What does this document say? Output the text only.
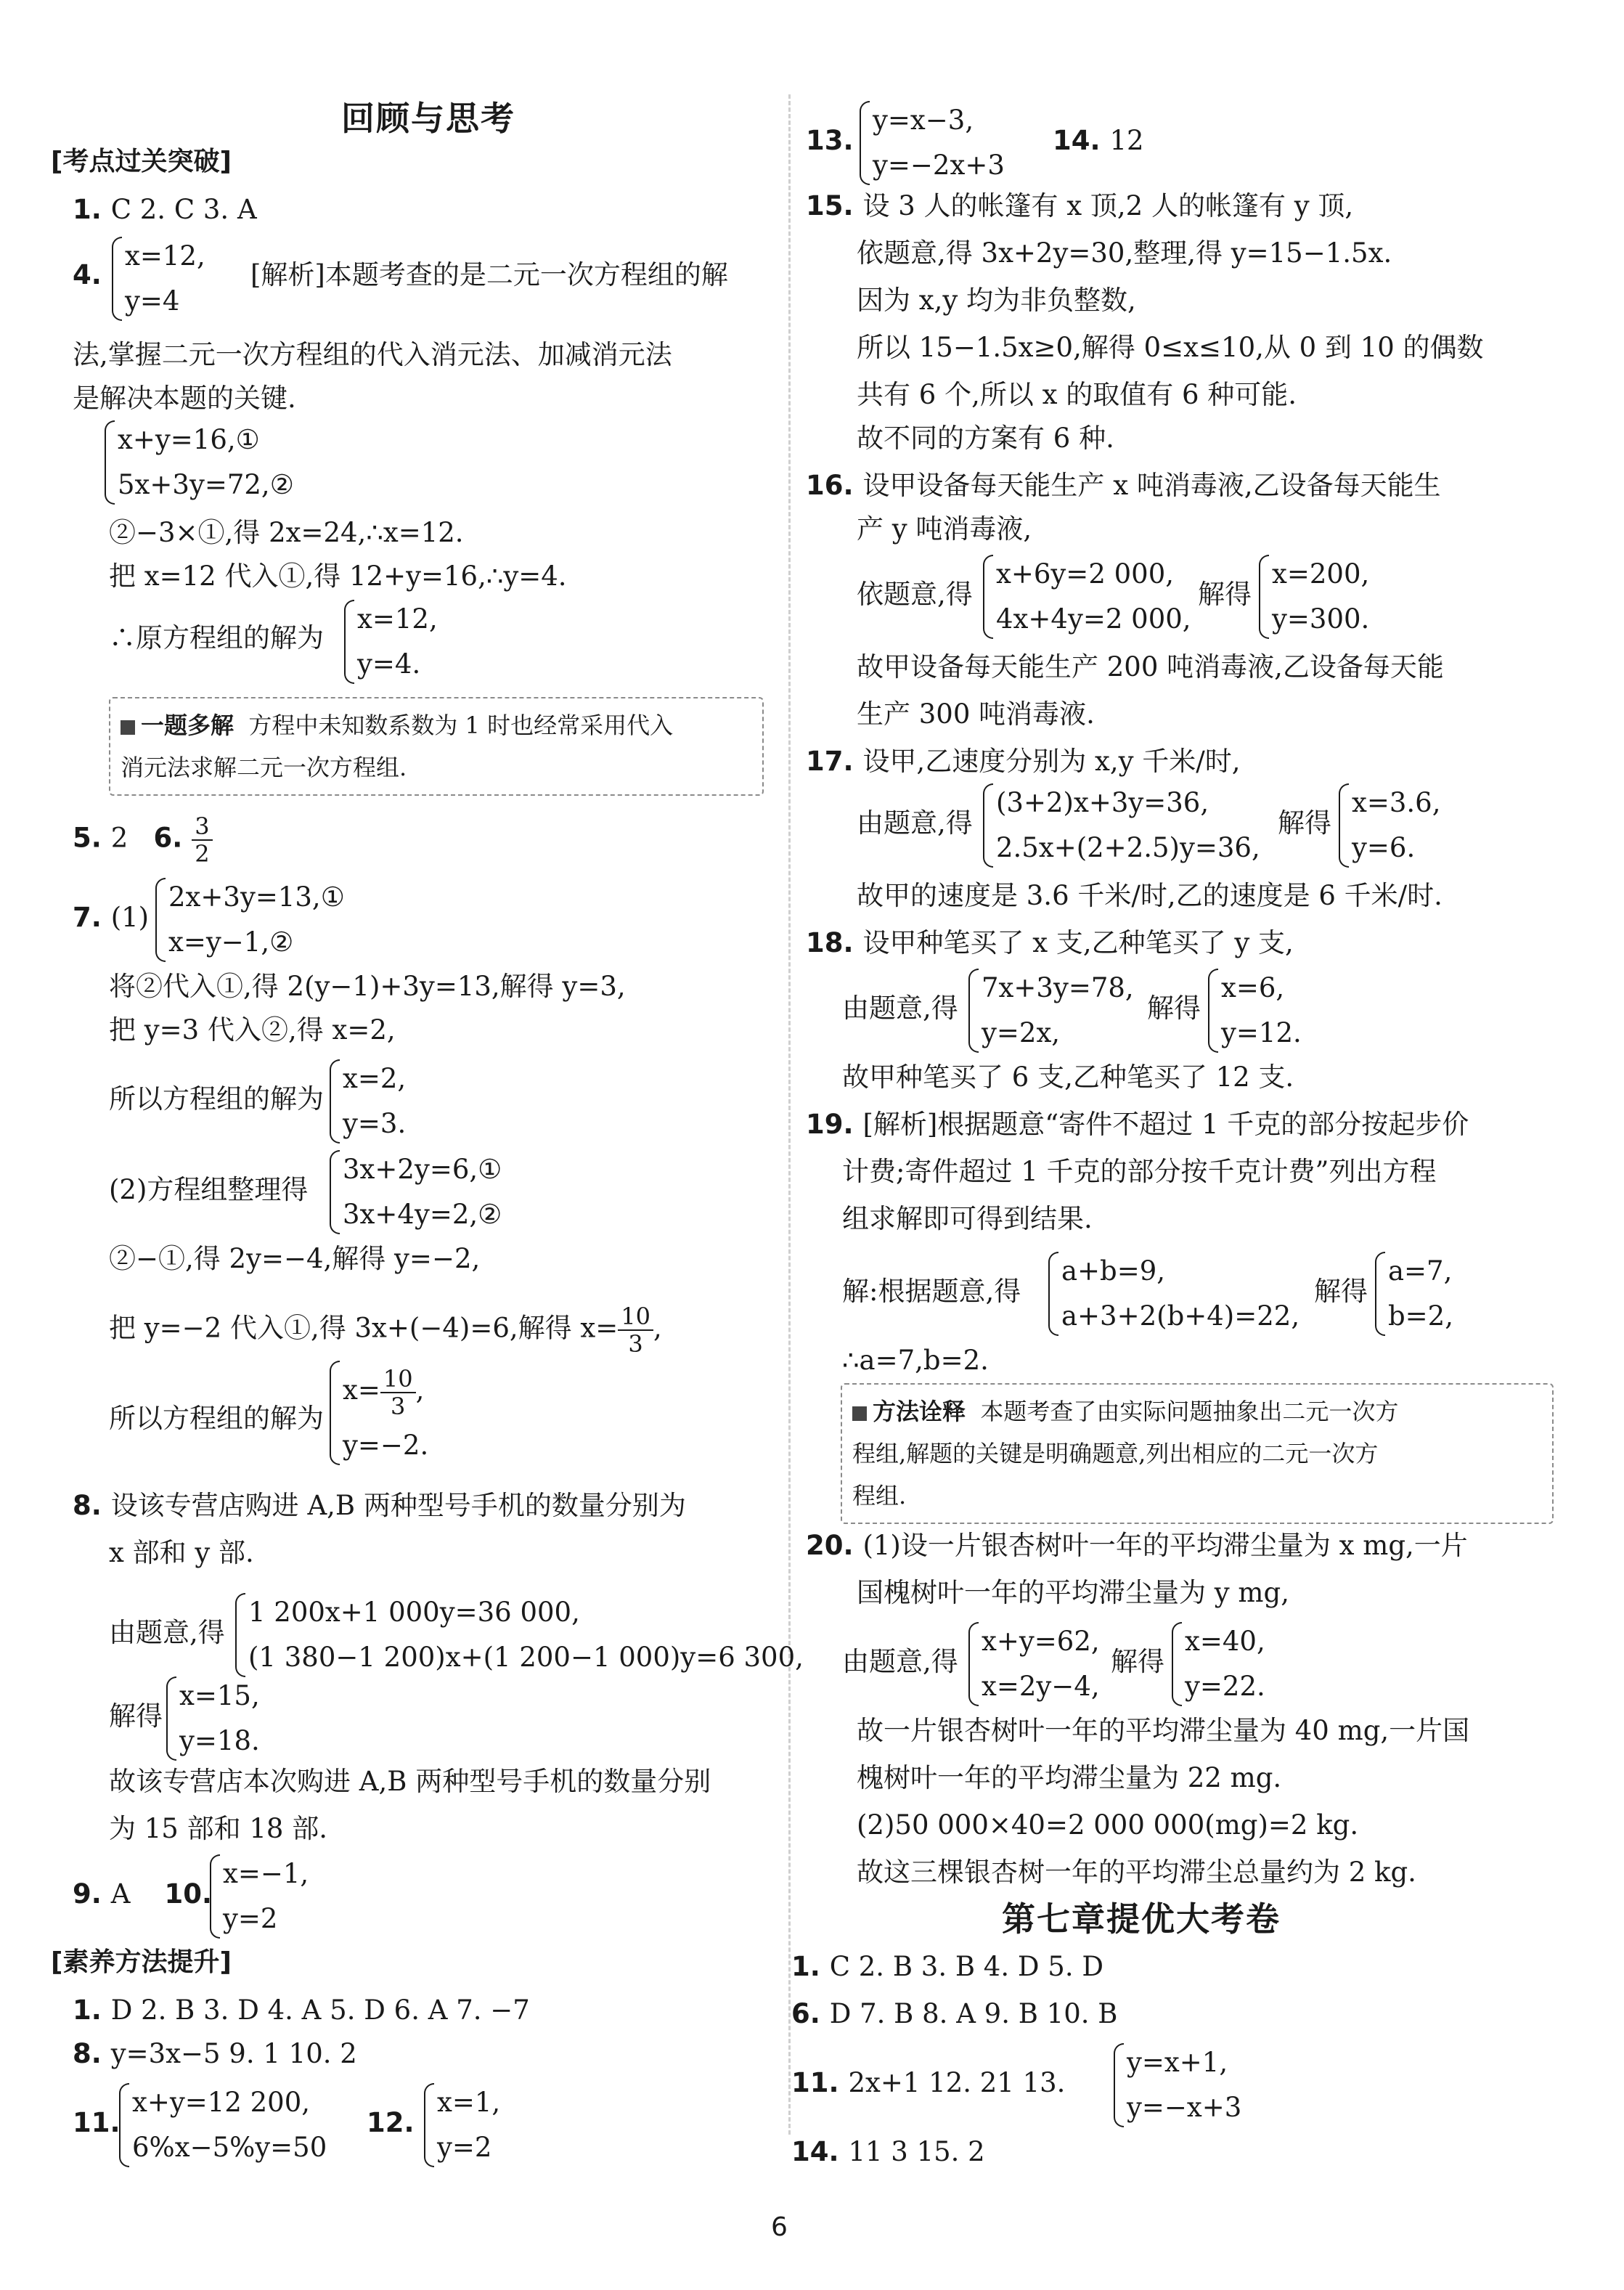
回顾与思考
[考点过关突破]
1. C 2. C 3. A
4.
x=12,
y=4
[解析]本题考查的是二元一次方程组的解
法,掌握二元一次方程组的代入消元法、加减消元法
是解决本题的关键.
x+y=16,①
5x+3y=72,②
②−3×①,得 2x=24,∴x=12.
把 x=12 代入①,得 12+y=16,∴y=4.
∴原方程组的解为
x=12,
y=4.
一题多解 方程中未知数系数为 1 时也经常采用代入
消元法求解二元一次方程组.
5. 2 6. $\frac{3}{2}$
7. (1)
2x+3y=13,①
x=y−1,②
将②代入①,得 2(y−1)+3y=13,解得 y=3,
把 y=3 代入②,得 x=2,
所以方程组的解为
x=2,
y=3.
(2)方程组整理得
3x+2y=6,①
3x+4y=2,②
②−①,得 2y=−4,解得 y=−2,
把 y=−2 代入①,得 3x+(−4)=6,解得 $x= \frac{10}{3}$ ,
所以方程组的解为
$x= \frac{10}{3}$ ,
y=−2.
8. 设该专营店购进 A,B 两种型号手机的数量分别为
x 部和 y 部.
由题意,得
1 200x+1 000y=36 000,
(1 380−1 200)x+(1 200−1 000)y=6 300,
解得
x=15,
y=18.
故该专营店本次购进 A,B 两种型号手机的数量分别
为 15 部和 18 部.
9. A 10.
x=−1,
y=2
[素养方法提升]
1. D 2. B 3. D 4. A 5. D 6. A 7. −7
8. y=3x−5 9. 1 10. 2
11.
x+y=12 200,
6%x−5%y=50
12.
x=1,
y=2
13.
y=x−3,
y=−2x+3
14. 12
15. 设 3 人的帐篷有 x 顶,2 人的帐篷有 y 顶,
依题意,得 3x+2y=30,整理,得 y=15−1.5x.
因为 x,y 均为非负整数,
所以 15−1.5x≥0,解得 0≤x≤10,从 0 到 10 的偶数
共有 6 个,所以 x 的取值有 6 种可能.
故不同的方案有 6 种.
16. 设甲设备每天能生产 x 吨消毒液,乙设备每天能生
产 y 吨消毒液,
依题意,得
x+6y=2 000,
4x+4y=2 000,
解得
x=200,
y=300.
故甲设备每天能生产 200 吨消毒液,乙设备每天能
生产 300 吨消毒液.
17. 设甲,乙速度分别为 x,y 千米/时,
由题意,得
(3+2)x+3y=36,
2.5x+(2+2.5)y=36,
解得
x=3.6,
y=6.
故甲的速度是 3.6 千米/时,乙的速度是 6 千米/时.
18. 设甲种笔买了 x 支,乙种笔买了 y 支,
由题意,得
7x+3y=78,
y=2x,
解得
x=6,
y=12.
故甲种笔买了 6 支,乙种笔买了 12 支.
19. [解析]根据题意“寄件不超过 1 千克的部分按起步价
计费;寄件超过 1 千克的部分按千克计费”列出方程
组求解即可得到结果.
解:根据题意,得
a+b=9,
a+3+2(b+4)=22,
解得
a=7,
b=2,
∴a=7,b=2.
方法诠释 本题考查了由实际问题抽象出二元一次方
程组,解题的关键是明确题意,列出相应的二元一次方
程组.
20. (1)设一片银杏树叶一年的平均滞尘量为 x mg,一片
国槐树叶一年的平均滞尘量为 y mg,
由题意,得
x+y=62,
x=2y−4,
解得
x=40,
y=22.
故一片银杏树叶一年的平均滞尘量为 40 mg,一片国
槐树叶一年的平均滞尘量为 22 mg.
(2)50 000×40=2 000 000(mg)=2 kg.
故这三棵银杏树一年的平均滞尘总量约为 2 kg.
第七章提优大考卷
1. C 2. B 3. B 4. D 5. D
6. D 7. B 8. A 9. B 10. B
11. 2x+1 12. 21 13.
y=x+1,
y=−x+3
14. 11 3 15. 2
6
